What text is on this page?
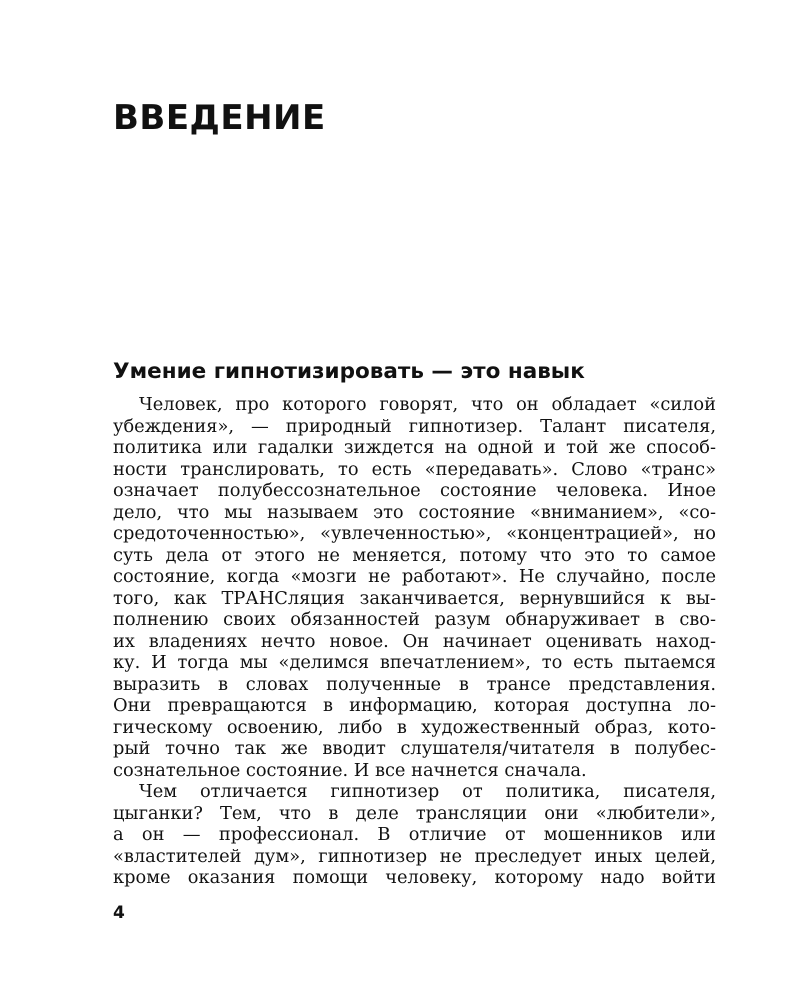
ВВЕДЕНИЕ
Умение гипнотизировать — это навык
Человек, про которого говорят, что он обладает «силой
убеждения», — природный гипнотизер. Талант писателя,
политика или гадалки зиждется на одной и той же способ-
ности транслировать, то есть «передавать». Слово «транс»
означает полубессознательное состояние человека. Иное
дело, что мы называем это состояние «вниманием», «со-
средоточенностью», «увлеченностью», «концентрацией», но
суть дела от этого не меняется, потому что это то самое
состояние, когда «мозги не работают». Не случайно, после
того, как ТРАНСляция заканчивается, вернувшийся к вы-
полнению своих обязанностей разум обнаруживает в сво-
их владениях нечто новое. Он начинает оценивать наход-
ку. И тогда мы «делимся впечатлением», то есть пытаемся
выразить в словах полученные в трансе представления.
Они превращаются в информацию, которая доступна ло-
гическому освоению, либо в художественный образ, кото-
рый точно так же вводит слушателя/читателя в полубес-
сознательное состояние. И все начнется сначала.
Чем отличается гипнотизер от политика, писателя,
цыганки? Тем, что в деле трансляции они «любители»,
а он — профессионал. В отличие от мошенников или
«властителей дум», гипнотизер не преследует иных целей,
кроме оказания помощи человеку, которому надо войти
4
